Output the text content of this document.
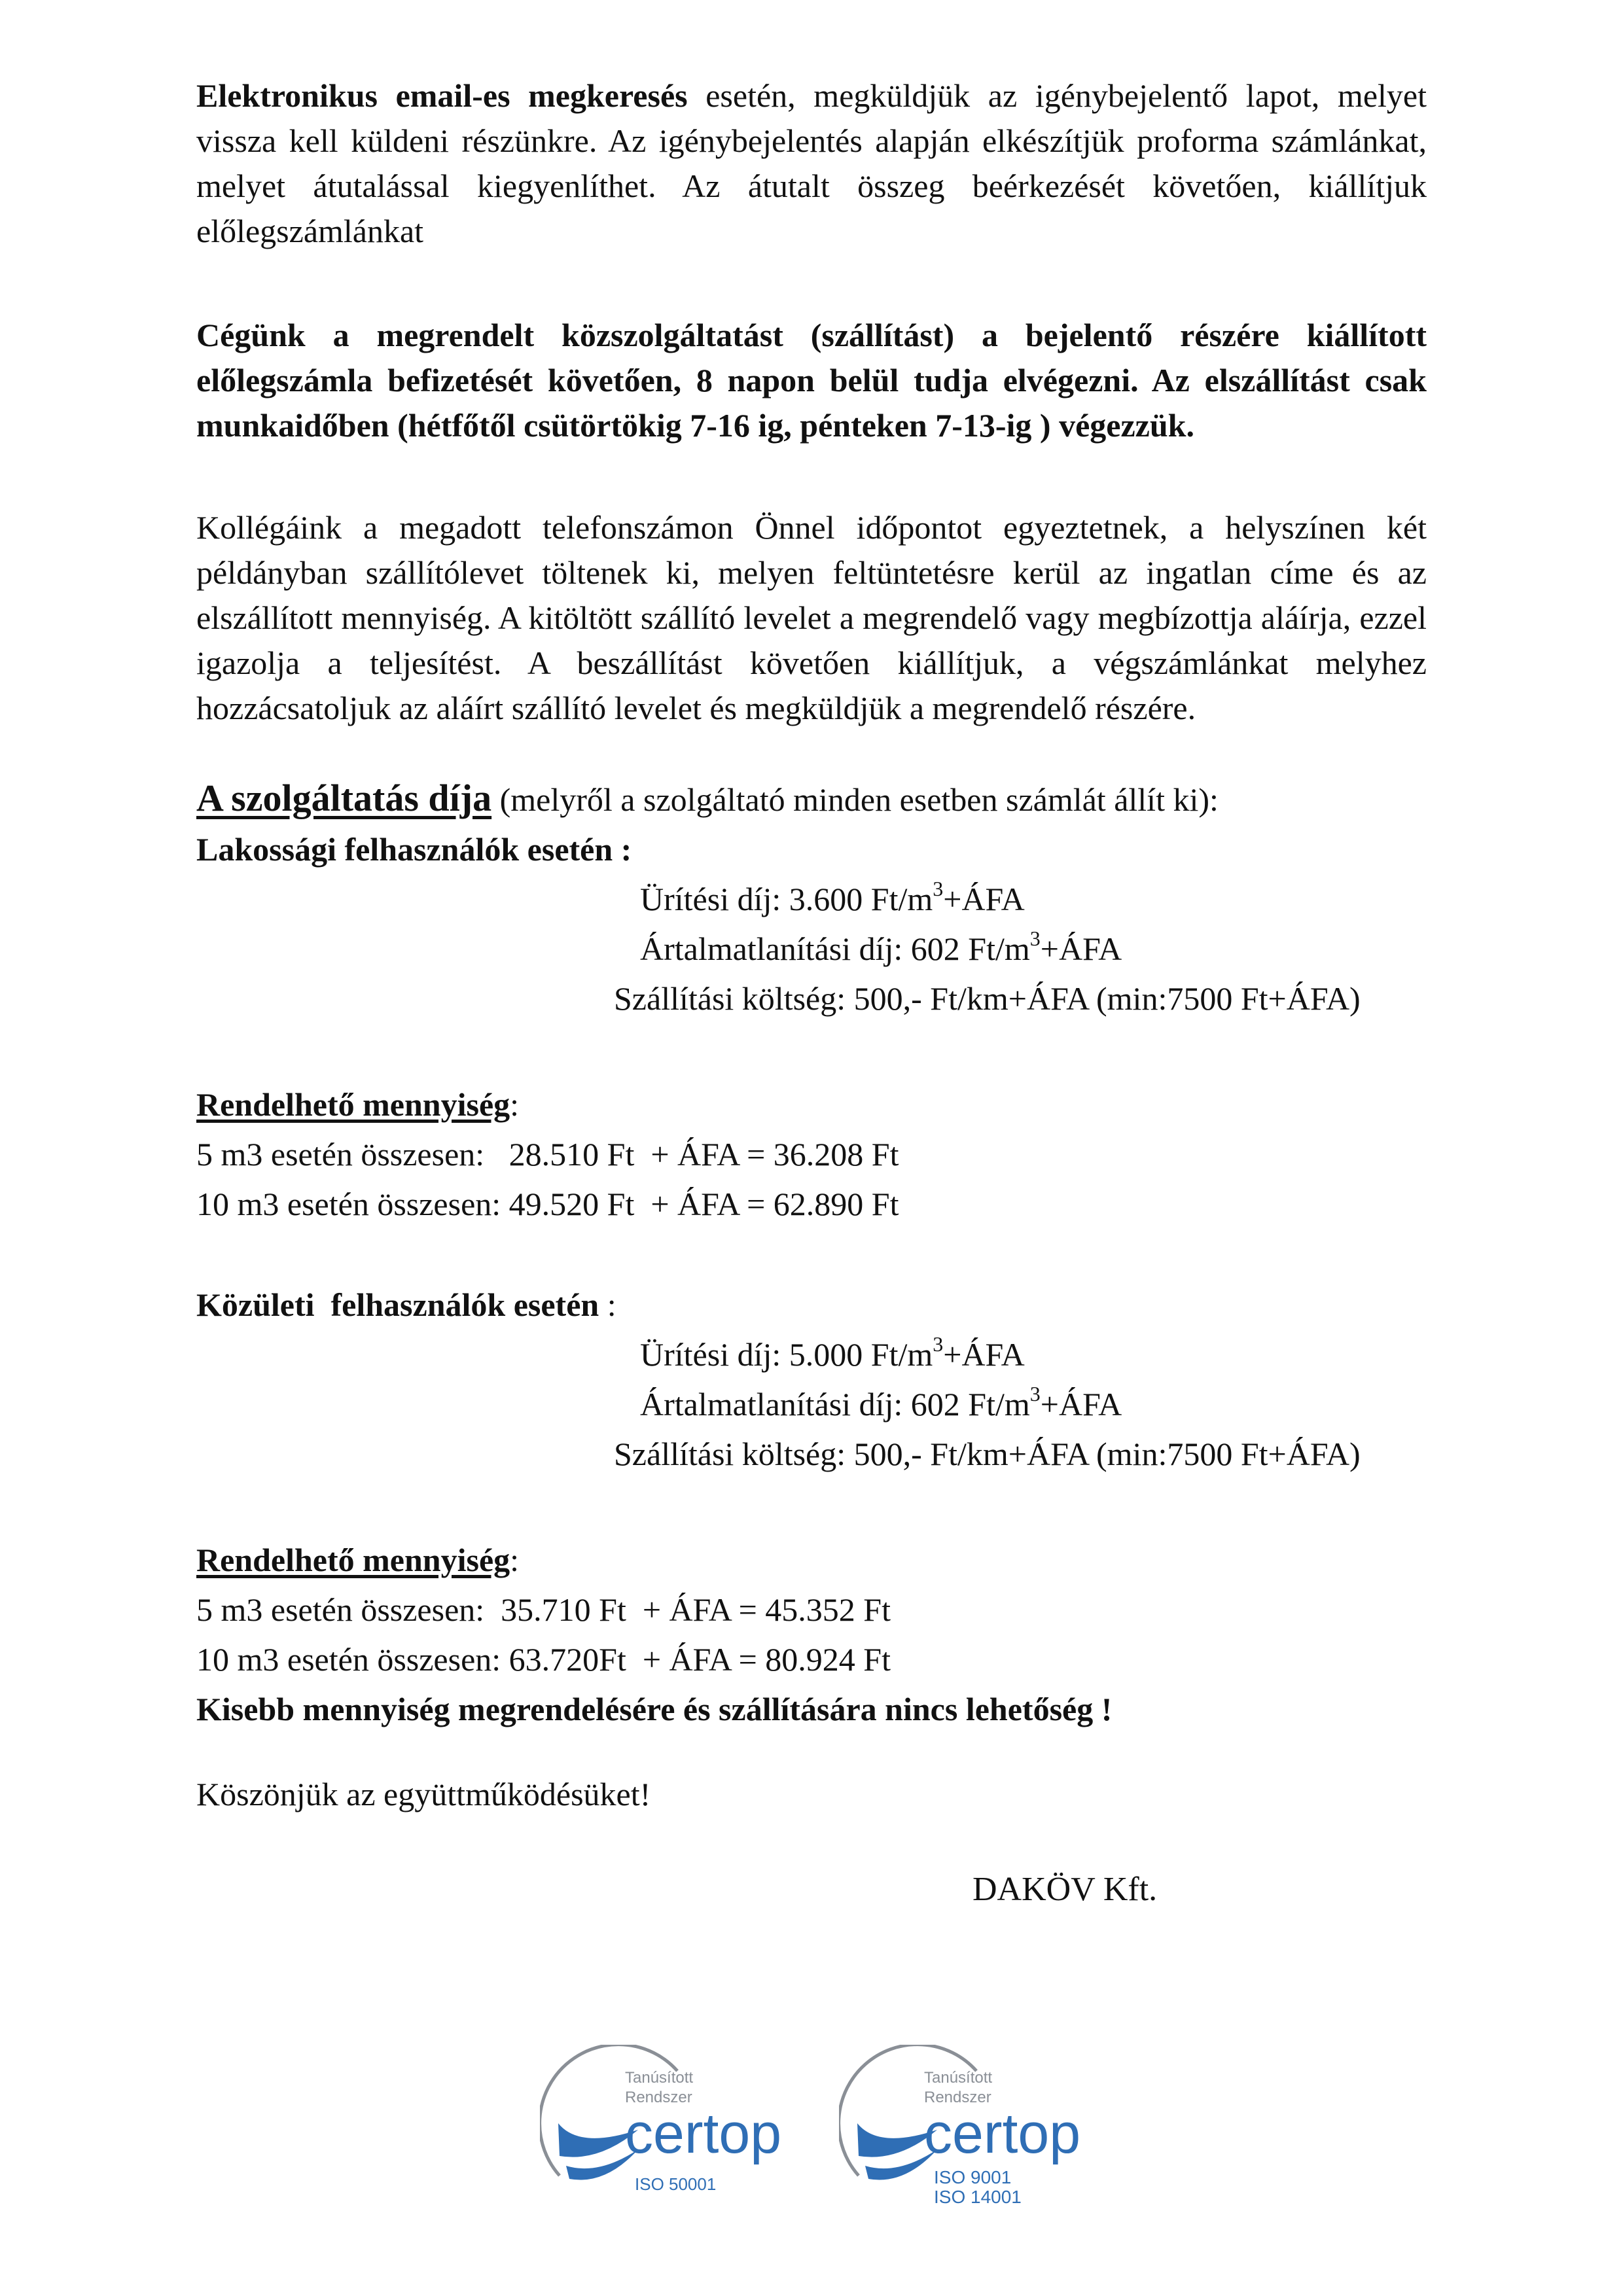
Elektronikus email-es megkeresés esetén, megküldjük az igénybejelentő lapot, melyet vissza kell küldeni részünkre. Az igénybejelentés alapján elkészítjük proforma számlánkat, melyet átutalással kiegyenlíthet. Az átutalt összeg beérkezését követően, kiállítjuk előlegszámlánkat

Cégünk a megrendelt közszolgáltatást (szállítást) a bejelentő részére kiállított előlegszámla befizetését követően, 8 napon belül tudja elvégezni. Az elszállítást csak munkaidőben (hétfőtől csütörtökig 7-16 ig, pénteken 7-13-ig ) végezzük.

Kollégáink a megadott telefonszámon Önnel időpontot egyeztetnek, a helyszínen két példányban szállítólevet töltenek ki, melyen feltüntetésre kerül az ingatlan címe és az elszállított mennyiség. A kitöltött szállító levelet a megrendelő vagy megbízottja aláírja, ezzel igazolja a teljesítést. A beszállítást követően kiállítjuk, a végszámlánkat melyhez hozzácsatoljuk az aláírt szállító levelet és megküldjük a megrendelő részére.

A szolgáltatás díja (melyről a szolgáltató minden esetben számlát állít ki):
Lakossági felhasználók esetén :
Ürítési díj: 3.600 $Ft/m^3+ÁFA$
Ártalmatlanítási díj: 602 $Ft/m^3+ÁFA$
Szállítási költség: 500,- Ft/km+ÁFA (min:7500 Ft+ÁFA)
Rendelhető mennyiség:
5 m3 esetén összesen:   28.510 Ft  + ÁFA = 36.208 Ft
10 m3 esetén összesen: 49.520 Ft  + ÁFA = 62.890 Ft
Közületi  felhasználók esetén :
Ürítési díj: 5.000 $Ft/m^3+ÁFA$
Ártalmatlanítási díj: 602 $Ft/m^3+ÁFA$
Szállítási költség: 500,- Ft/km+ÁFA (min:7500 Ft+ÁFA)
Rendelhető mennyiség:
5 m3 esetén összesen:  35.710 Ft  + ÁFA = 45.352 Ft
10 m3 esetén összesen: 63.720Ft  + ÁFA = 80.924 Ft
Kisebb mennyiség megrendelésére és szállítására nincs lehetőség !
Köszönjük az együttműködésüket!
DAKÖV Kft.
Tanúsított
Rendszer
certop
ISO 50001
Tanúsított
Rendszer
certop
ISO 9001
ISO 14001
